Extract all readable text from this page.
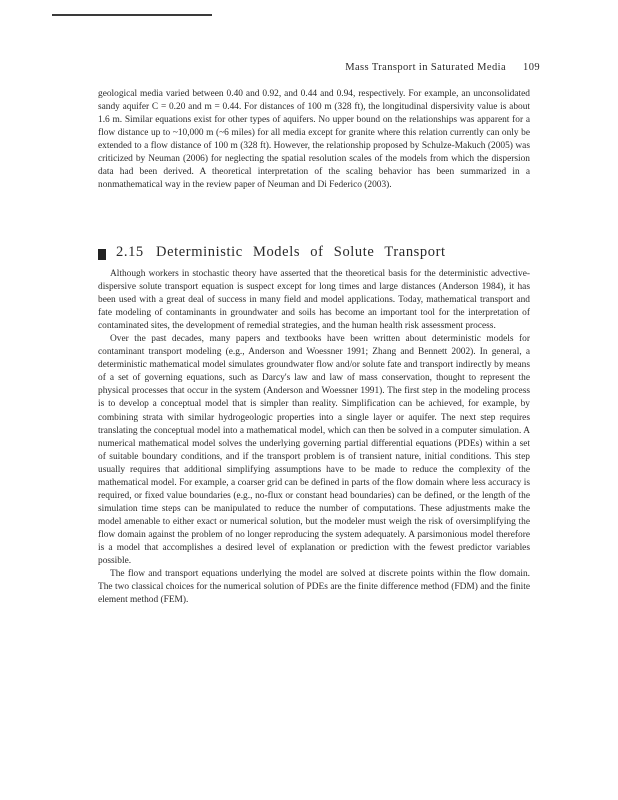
Mass Transport in Saturated Media 109

geological media varied between 0.40 and 0.92, and 0.44 and 0.94, respectively. For example, an unconsolidated sandy aquifer C = 0.20 and m = 0.44. For distances of 100 m (328 ft), the longitudinal dispersivity value is about 1.6 m. Similar equations exist for other types of aquifers. No upper bound on the relationships was apparent for a flow distance up to ~10,000 m (~6 miles) for all media except for granite where this relation currently can only be extended to a flow distance of 100 m (328 ft). However, the relationship proposed by Schulze-Makuch (2005) was criticized by Neuman (2006) for neglecting the spatial resolution scales of the models from which the dispersion data had been derived. A theoretical interpretation of the scaling behavior has been summarized in a nonmathematical way in the review paper of Neuman and Di Federico (2003).

2.15 Deterministic Models of Solute Transport

Although workers in stochastic theory have asserted that the theoretical basis for the deterministic advective-dispersive solute transport equation is suspect except for long times and large distances (Anderson 1984), it has been used with a great deal of success in many field and model applications. Today, mathematical transport and fate modeling of contaminants in groundwater and soils has become an important tool for the interpretation of contaminated sites, the development of remedial strategies, and the human health risk assessment process.

Over the past decades, many papers and textbooks have been written about deterministic models for contaminant transport modeling (e.g., Anderson and Woessner 1991; Zhang and Bennett 2002). In general, a deterministic mathematical model simulates groundwater flow and/or solute fate and transport indirectly by means of a set of governing equations, such as Darcy's law and law of mass conservation, thought to represent the physical processes that occur in the system (Anderson and Woessner 1991). The first step in the modeling process is to develop a conceptual model that is simpler than reality. Simplification can be achieved, for example, by combining strata with similar hydrogeologic properties into a single layer or aquifer. The next step requires translating the conceptual model into a mathematical model, which can then be solved in a computer simulation. A numerical mathematical model solves the underlying governing partial differential equations (PDEs) within a set of suitable boundary conditions, and if the transport problem is of transient nature, initial conditions. This step usually requires that additional simplifying assumptions have to be made to reduce the complexity of the mathematical model. For example, a coarser grid can be defined in parts of the flow domain where less accuracy is required, or fixed value boundaries (e.g., no-flux or constant head boundaries) can be defined, or the length of the simulation time steps can be manipulated to reduce the number of computations. These adjustments make the model amenable to either exact or numerical solution, but the modeler must weigh the risk of oversimplifying the flow domain against the problem of no longer reproducing the system adequately. A parsimonious model therefore is a model that accomplishes a desired level of explanation or prediction with the fewest predictor variables possible.

The flow and transport equations underlying the model are solved at discrete points within the flow domain. The two classical choices for the numerical solution of PDEs are the finite difference method (FDM) and the finite element method (FEM).
